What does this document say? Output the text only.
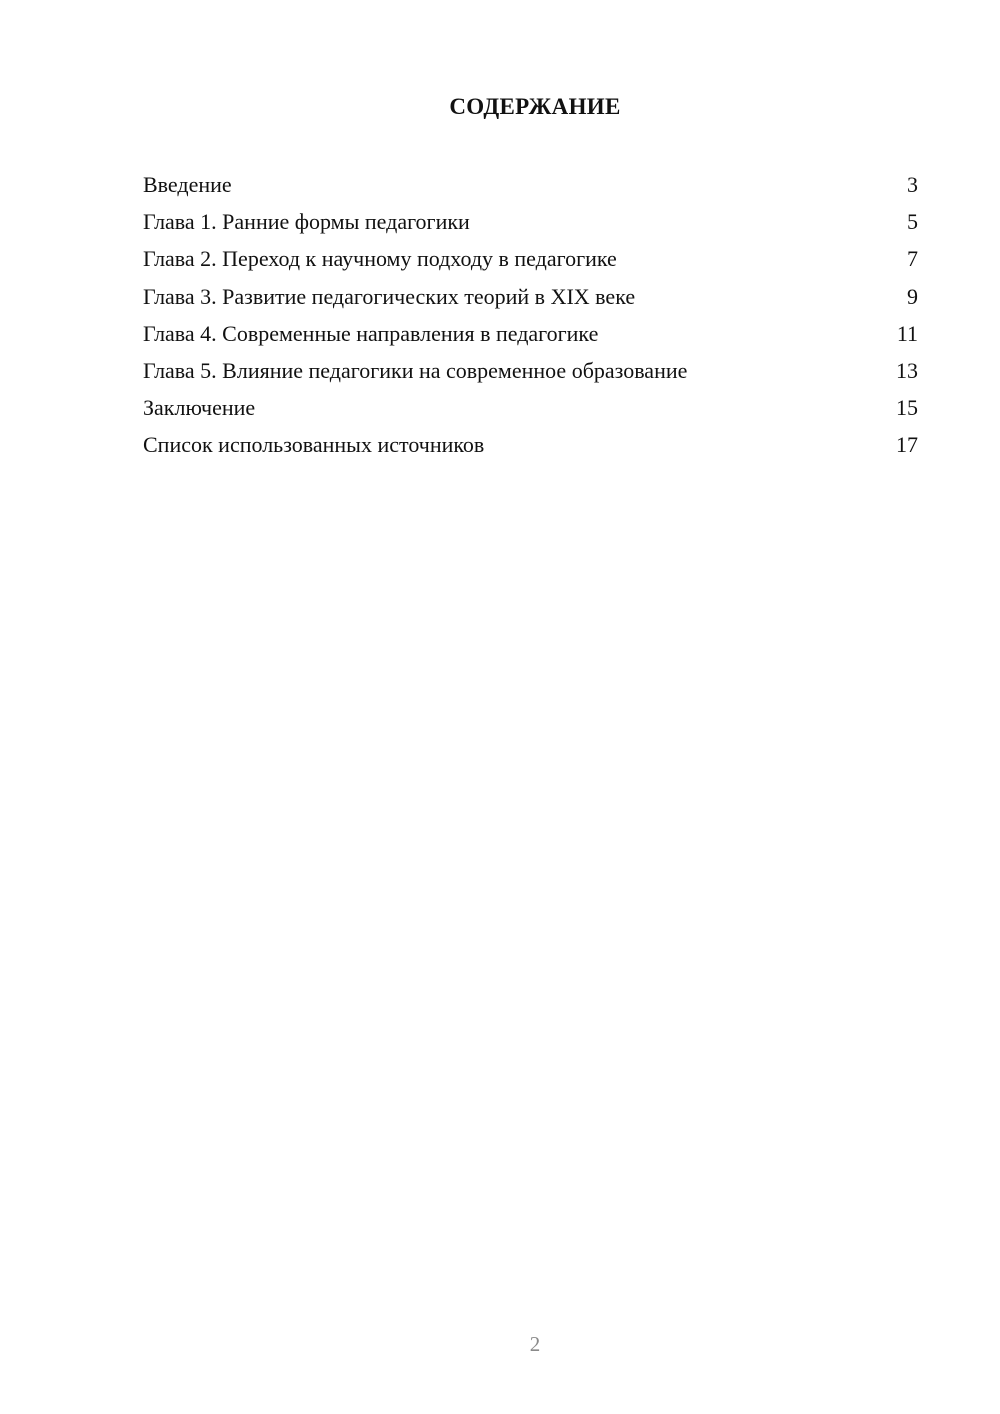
СОДЕРЖАНИЕ
Введение	3
Глава 1. Ранние формы педагогики	5
Глава 2. Переход к научному подходу в педагогике	7
Глава 3. Развитие педагогических теорий в XIX веке	9
Глава 4. Современные направления в педагогике	11
Глава 5. Влияние педагогики на современное образование	13
Заключение	15
Список использованных источников	17
2
